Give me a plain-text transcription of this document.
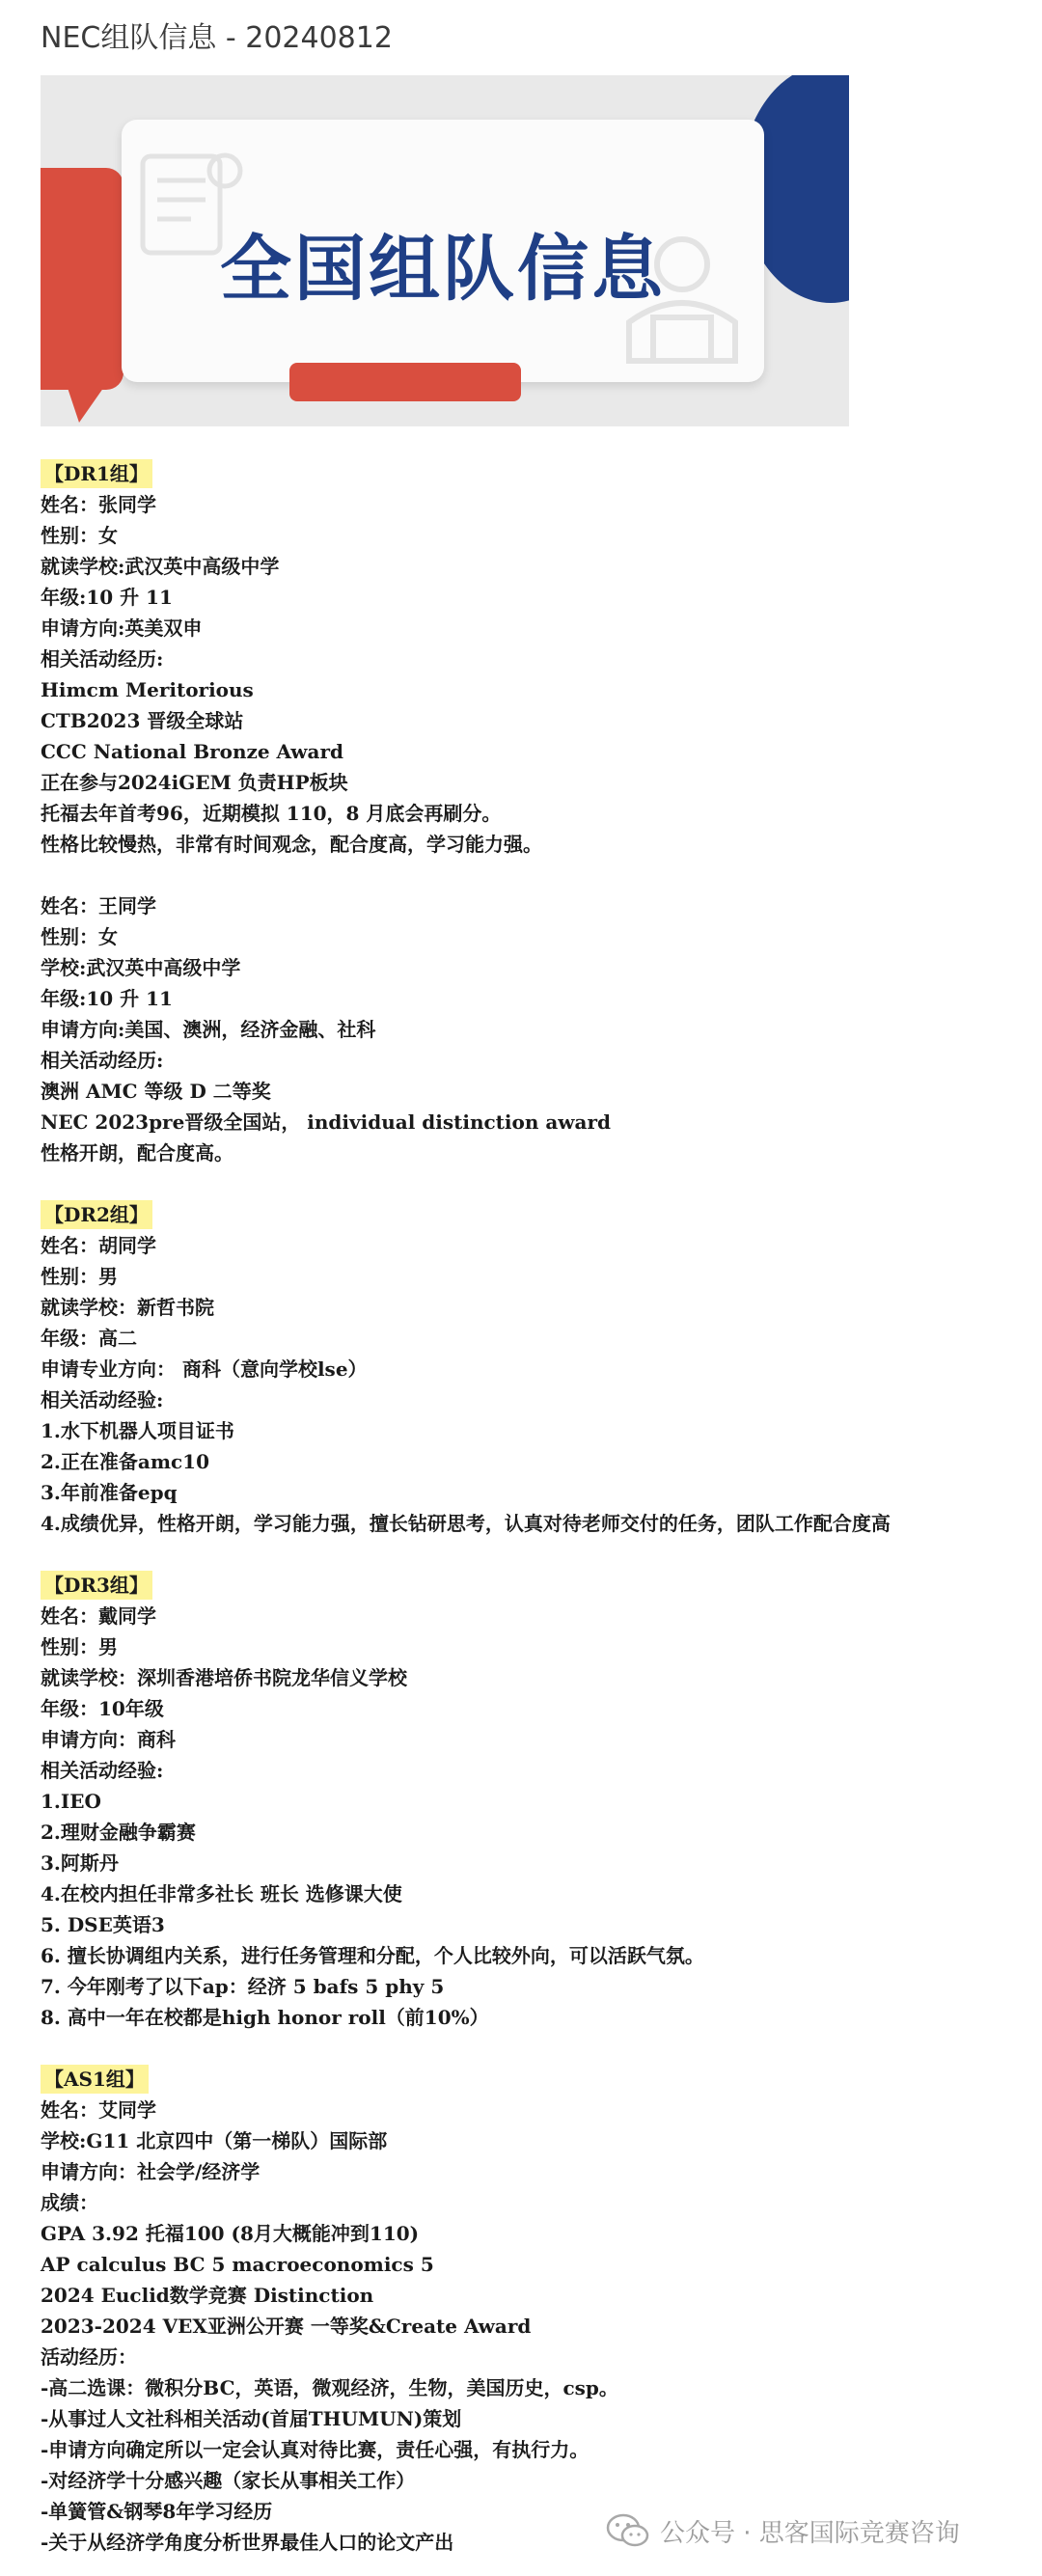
NEC组队信息 - 20240812
全国组队信息
【DR1组】
姓名：张同学
性别：女
就读学校:武汉英中高级中学
年级:10 升 11
申请方向:英美双申
相关活动经历:
Himcm Meritorious
CTB2023 晋级全球站
CCC National Bronze Award
正在参与2024iGEM 负责HP板块
托福去年首考96，近期模拟 110，8 月底会再刷分。
性格比较慢热，非常有时间观念，配合度高，学习能力强。
姓名：王同学
性别：女
学校:武汉英中高级中学
年级:10 升 11
申请方向:美国、澳洲，经济金融、社科
相关活动经历:
澳洲 AMC 等级 D 二等奖
NEC 2023pre晋级全国站， individual distinction award
性格开朗，配合度高。
【DR2组】
姓名：胡同学
性别：男
就读学校：新哲书院
年级：高二
申请专业方向： 商科（意向学校lse）
相关活动经验:
1.水下机器人项目证书
2.正在准备amc10
3.年前准备epq
4.成绩优异，性格开朗，学习能力强，擅长钻研思考，认真对待老师交付的任务，团队工作配合度高
【DR3组】
姓名：戴同学
性别：男
就读学校：深圳香港培侨书院龙华信义学校
年级：10年级
申请方向：商科
相关活动经验:
1.IEO
2.理财金融争霸赛
3.阿斯丹
4.在校内担任非常多社长 班长 选修课大使
5. DSE英语3
6. 擅长协调组内关系，进行任务管理和分配，个人比较外向，可以活跃气氛。
7. 今年刚考了以下ap：经济 5 bafs 5 phy 5
8. 高中一年在校都是high honor roll（前10%）
【AS1组】
姓名：艾同学
学校:G11 北京四中（第一梯队）国际部
申请方向：社会学/经济学
成绩：
GPA 3.92 托福100 (8月大概能冲到110)
AP calculus BC 5 macroeconomics 5
2024 Euclid数学竞赛 Distinction
2023-2024 VEX亚洲公开赛 一等奖&Create Award
活动经历：
-高二选课：微积分BC，英语，微观经济，生物，美国历史，csp。
-从事过人文社科相关活动(首届THUMUN)策划
-申请方向确定所以一定会认真对待比赛，责任心强，有执行力。
-对经济学十分感兴趣（家长从事相关工作）
-单簧管&钢琴8年学习经历
-关于从经济学角度分析世界最佳人口的论文产出	公众号 · 思客国际竞赛咨询
